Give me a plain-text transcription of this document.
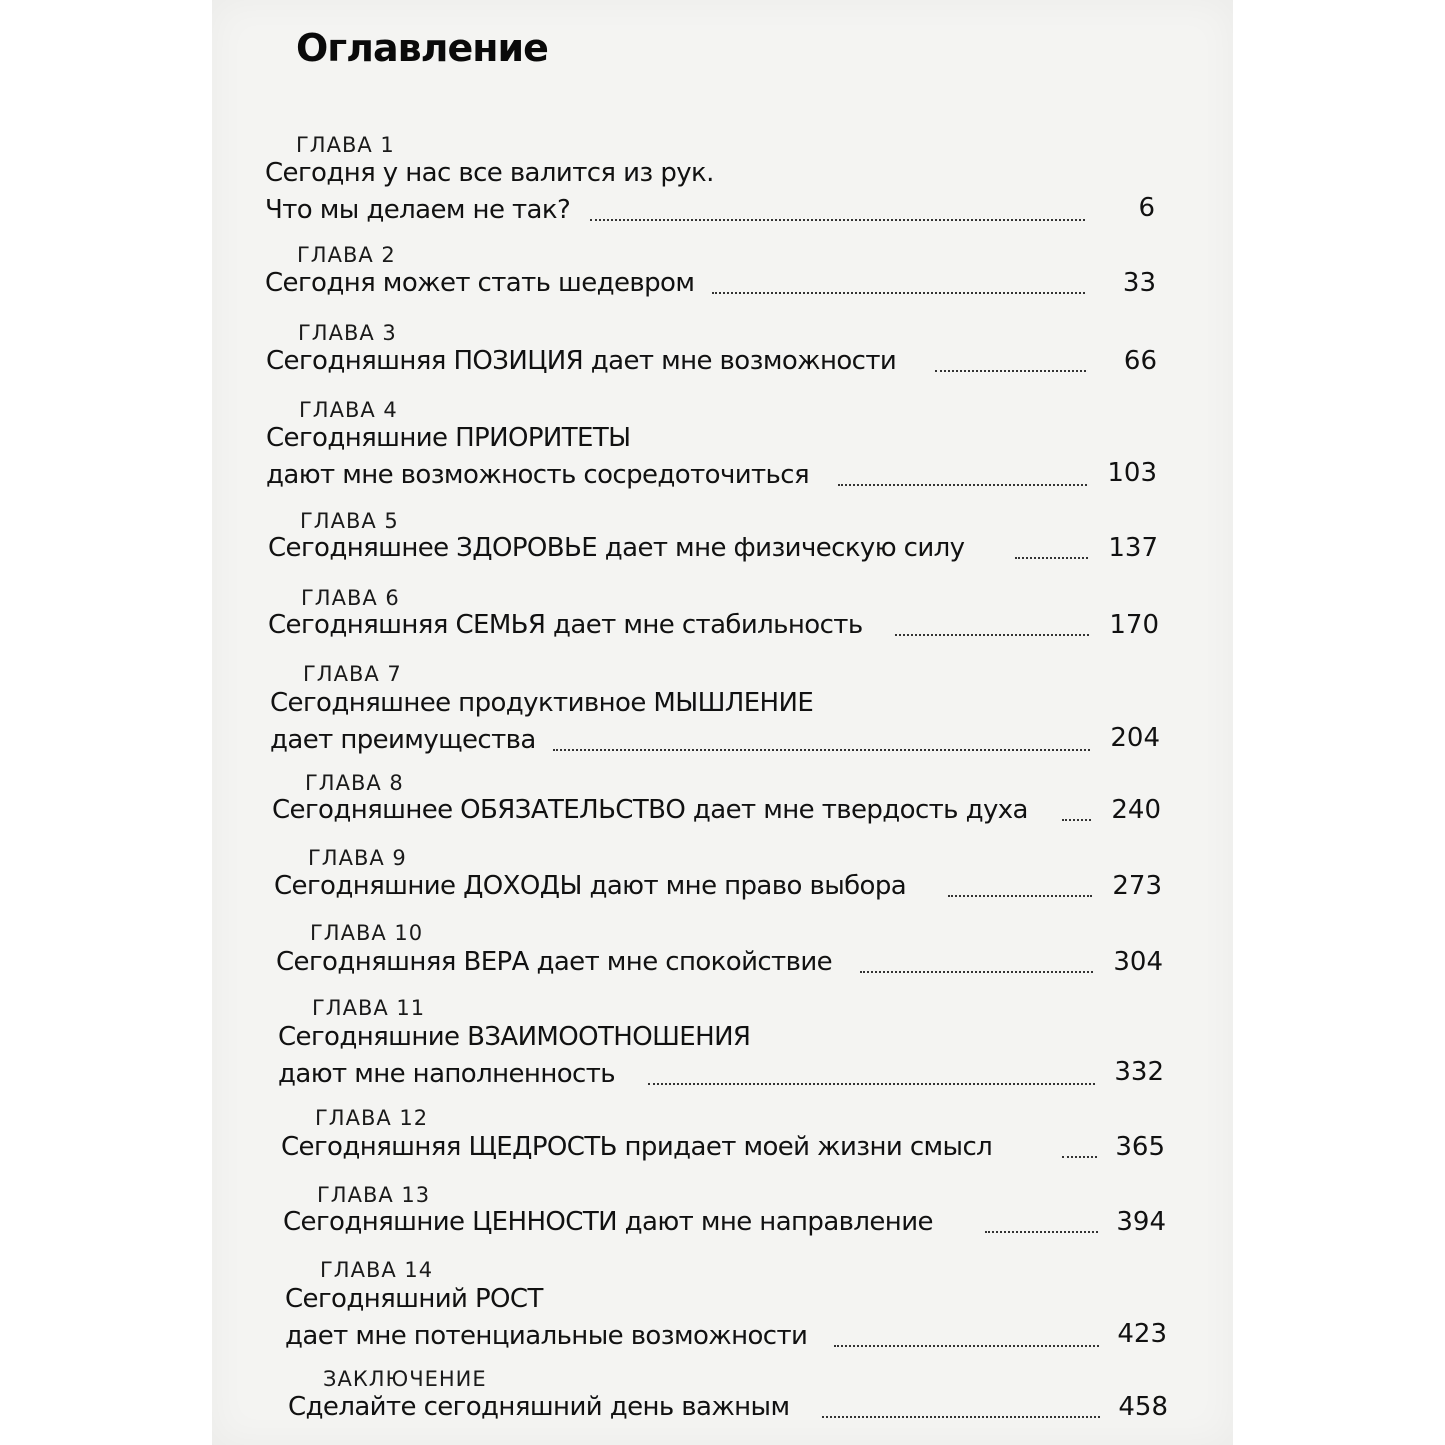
Оглавление
ГЛАВА 1
Сегодня у нас все валится из рук.
Что мы делаем не так?	6
ГЛАВА 2
Сегодня может стать шедевром	33
ГЛАВА 3
Сегодняшняя ПОЗИЦИЯ дает мне возможности	66
ГЛАВА 4
Сегодняшние ПРИОРИТЕТЫ
дают мне возможность сосредоточиться	103
ГЛАВА 5
Сегодняшнее ЗДОРОВЬЕ дает мне физическую силу	137
ГЛАВА 6
Сегодняшняя СЕМЬЯ дает мне стабильность	170
ГЛАВА 7
Сегодняшнее продуктивное МЫШЛЕНИЕ
дает преимущества	204
ГЛАВА 8
Сегодняшнее ОБЯЗАТЕЛЬСТВО дает мне твердость духа	240
ГЛАВА 9
Сегодняшние ДОХОДЫ дают мне право выбора	273
ГЛАВА 10
Сегодняшняя ВЕРА дает мне спокойствие	304
ГЛАВА 11
Сегодняшние ВЗАИМООТНОШЕНИЯ
дают мне наполненность	332
ГЛАВА 12
Сегодняшняя ЩЕДРОСТЬ придает моей жизни смысл	365
ГЛАВА 13
Сегодняшние ЦЕННОСТИ дают мне направление	394
ГЛАВА 14
Сегодняшний РОСТ
дает мне потенциальные возможности	423
ЗАКЛЮЧЕНИЕ
Сделайте сегодняшний день важным	458
